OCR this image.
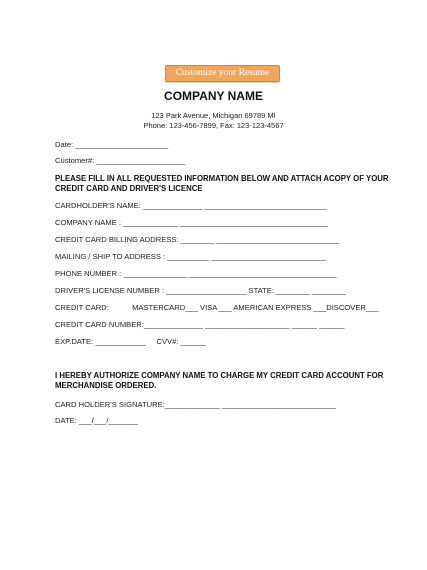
Customize your Resume
COMPANY NAME
123 Park Avenue, Michigan 69789 MI
Phone: 123-456-7899, Fax: 123-123-4567
Date: ______________________
Customer#: _____________________
PLEASE FILL IN ALL REQUESTED INFORMATION BELOW AND ATTACH ACOPY OF YOUR
CREDIT CARD AND DRIVER'S LICENCE
CARDHOLDER'S NAME: ______________ _____________________________
COMPANY NAME : _____________ ___________________________________
CREDIT CARD BILLING ADDRESS: ________ _____________________________
MAILING / SHIP TO ADDRESS : __________ ___________________________
PHONE NUMBER : _______________ ___________________________________
DRIVER'S LICENSE NUMBER : ___________________ STATE: ________ ________
CREDIT CARD:           MASTERCARD___ VISA ___ AMERICAN EXPRESS ___DISCOVER___
CREDIT CARD NUMBER:______________ ____________________ ______ ______
EXP.DATE: ____________     CVV#: ______
I HEREBY AUTHORIZE COMPANY NAME TO CHARGE MY CREDIT CARD ACCOUNT FOR
MERCHANDISE ORDERED.
CARD HOLDER'S SIGNATURE:_____________ ___________________________
DATE: ___/___/_______
